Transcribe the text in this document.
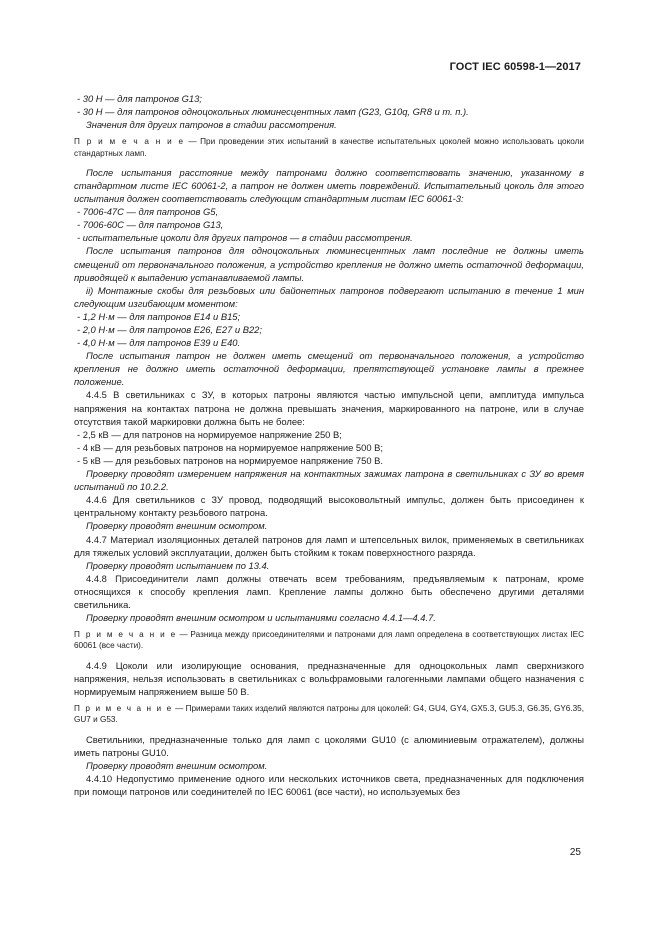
ГОСТ IEC 60598-1—2017

- 30 Н — для патронов G13;

- 30 Н — для патронов одноцокольных люминесцентных ламп (G23, G10q, GR8 и т. п.).

Значения для других патронов в стадии рассмотрения.

П р и м е ч а н и е — При проведении этих испытаний в качестве испытательных цоколей можно использовать цоколи стандартных ламп.

После испытания расстояние между патронами должно соответствовать значению, указанному в стандартном листе IEC 60061-2, а патрон не должен иметь повреждений. Испытательный цоколь для этого испытания должен соответствовать следующим стандартным листам IEC 60061-3:

- 7006-47С — для патронов G5,

- 7006-60С — для патронов G13,

- испытательные цоколи для других патронов — в стадии рассмотрения.

После испытания патронов для одноцокольных люминесцентных ламп последние не должны иметь смещений от первоначального положения, а устройство крепления не должно иметь остаточной деформации, приводящей к выпадению устанавливаемой лампы.

ii) Монтажные скобы для резьбовых или байонетных патронов подвергают испытанию в течение 1 мин следующим изгибающим моментом:

- 1,2 Н·м — для патронов Е14 и В15;

- 2,0 Н·м — для патронов Е26, Е27 и В22;

- 4,0 Н·м — для патронов Е39 и Е40.

После испытания патрон не должен иметь смещений от первоначального положения, а устройство крепления не должно иметь остаточной деформации, препятствующей установке лампы в прежнее положение.

4.4.5 В светильниках с ЗУ, в которых патроны являются частью импульсной цепи, амплитуда импульса напряжения на контактах патрона не должна превышать значения, маркированного на патроне, или в случае отсутствия такой маркировки должна быть не более:

- 2,5 кВ — для патронов на нормируемое напряжение 250 В;

- 4 кВ — для резьбовых патронов на нормируемое напряжение 500 В;

- 5 кВ — для резьбовых патронов на нормируемое напряжение 750 В.

Проверку проводят измерением напряжения на контактных зажимах патрона в светильниках с ЗУ во время испытаний по 10.2.2.

4.4.6 Для светильников с ЗУ провод, подводящий высоковольтный импульс, должен быть присоединен к центральному контакту резьбового патрона.

Проверку проводят внешним осмотром.

4.4.7 Материал изоляционных деталей патронов для ламп и штепсельных вилок, применяемых в светильниках для тяжелых условий эксплуатации, должен быть стойким к токам поверхностного разряда.

Проверку проводят испытанием по 13.4.

4.4.8 Присоединители ламп должны отвечать всем требованиям, предъявляемым к патронам, кроме относящихся к способу крепления ламп. Крепление лампы должно быть обеспечено другими деталями светильника.

Проверку проводят внешним осмотром и испытаниями согласно 4.4.1—4.4.7.

П р и м е ч а н и е — Разница между присоединителями и патронами для ламп определена в соответствующих листах IEC 60061 (все части).

4.4.9 Цоколи или изолирующие основания, предназначенные для одноцокольных ламп сверхнизкого напряжения, нельзя использовать в светильниках с вольфрамовыми галогенными лампами общего назначения с нормируемым напряжением выше 50 В.

П р и м е ч а н и е — Примерами таких изделий являются патроны для цоколей: G4, GU4, GY4, GX5.3, GU5.3, G6.35, GY6.35, GU7 и G53.

Светильники, предназначенные только для ламп с цоколями GU10 (с алюминиевым отражателем), должны иметь патроны GU10.

Проверку проводят внешним осмотром.

4.4.10 Недопустимо применение одного или нескольких источников света, предназначенных для подключения при помощи патронов или соединителей по IEC 60061 (все части), но используемых без

25
